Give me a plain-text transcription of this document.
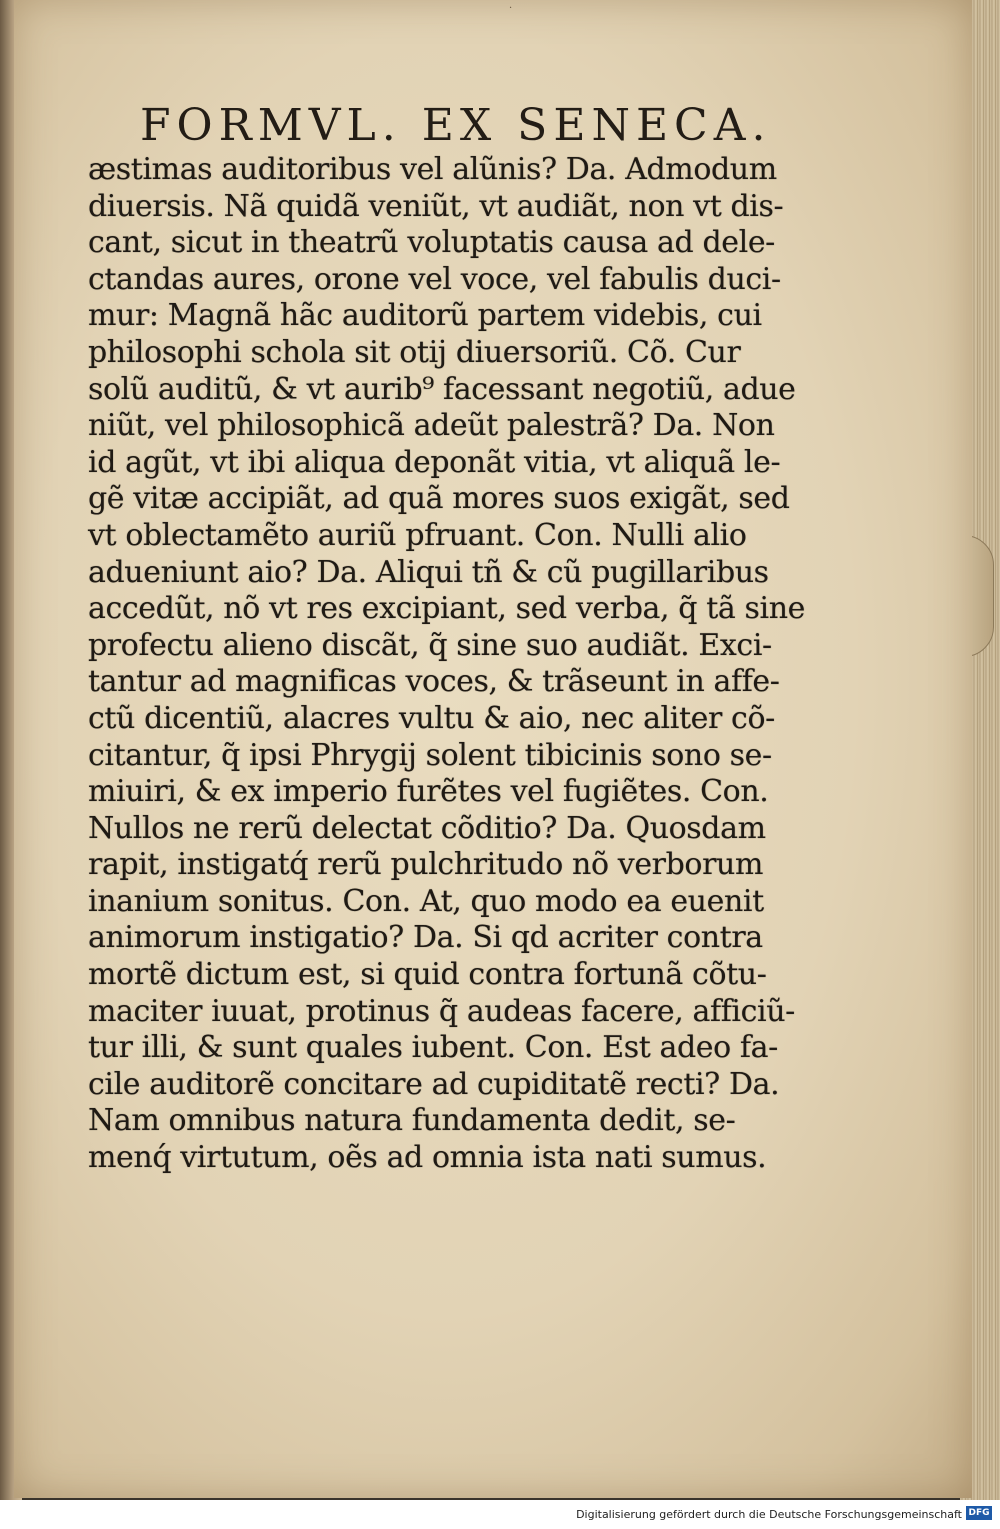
·
FORMVL. EX SENECA.
æstimas auditoribus vel alũnis? Da. Admodum
diuersis. Nã quidã veniũt, vt audiãt, non vt dis-
cant, sicut in theatrũ voluptatis causa ad dele-
ctandas aures, orone vel voce, vel fabulis duci-
mur: Magnã hãc auditorũ partem videbis, cui
philosophi schola sit otij diuersoriũ. Cõ. Cur
solũ auditũ, & vt aurib⁹ facessant negotiũ, adue
niũt, vel philosophicã adeũt palestrã? Da. Non
id agũt, vt ibi aliqua deponãt vitia, vt aliquã le-
gẽ vitæ accipiãt, ad quã mores suos exigãt, sed
vt oblectamẽto auriũ pfruant. Con. Nulli alio
adueniunt aio? Da. Aliqui tñ & cũ pugillaribus
accedũt, nõ vt res excipiant, sed verba, q̃ tã sine
profectu alieno discãt, q̃ sine suo audiãt. Exci-
tantur ad magnificas voces, & trãseunt in affe-
ctũ dicentiũ, alacres vultu & aio, nec aliter cõ-
citantur, q̃ ipsi Phrygij solent tibicinis sono se-
miuiri, & ex imperio furẽtes vel fugiẽtes. Con.
Nullos ne rerũ delectat cõditio? Da. Quosdam
rapit, instigatq́ rerũ pulchritudo nõ verborum
inanium sonitus. Con. At, quo modo ea euenit
animorum instigatio? Da. Si qd acriter contra
mortẽ dictum est, si quid contra fortunã cõtu-
maciter iuuat, protinus q̃ audeas facere, afficiũ-
tur illi, & sunt quales iubent. Con. Est adeo fa-
cile auditorẽ concitare ad cupiditatẽ recti? Da.
Nam omnibus natura fundamenta dedit, se-
menq́ virtutum, oẽs ad omnia ista nati sumus.
Digitalisierung gefördert durch die Deutsche Forschungsgemeinschaft DFG
